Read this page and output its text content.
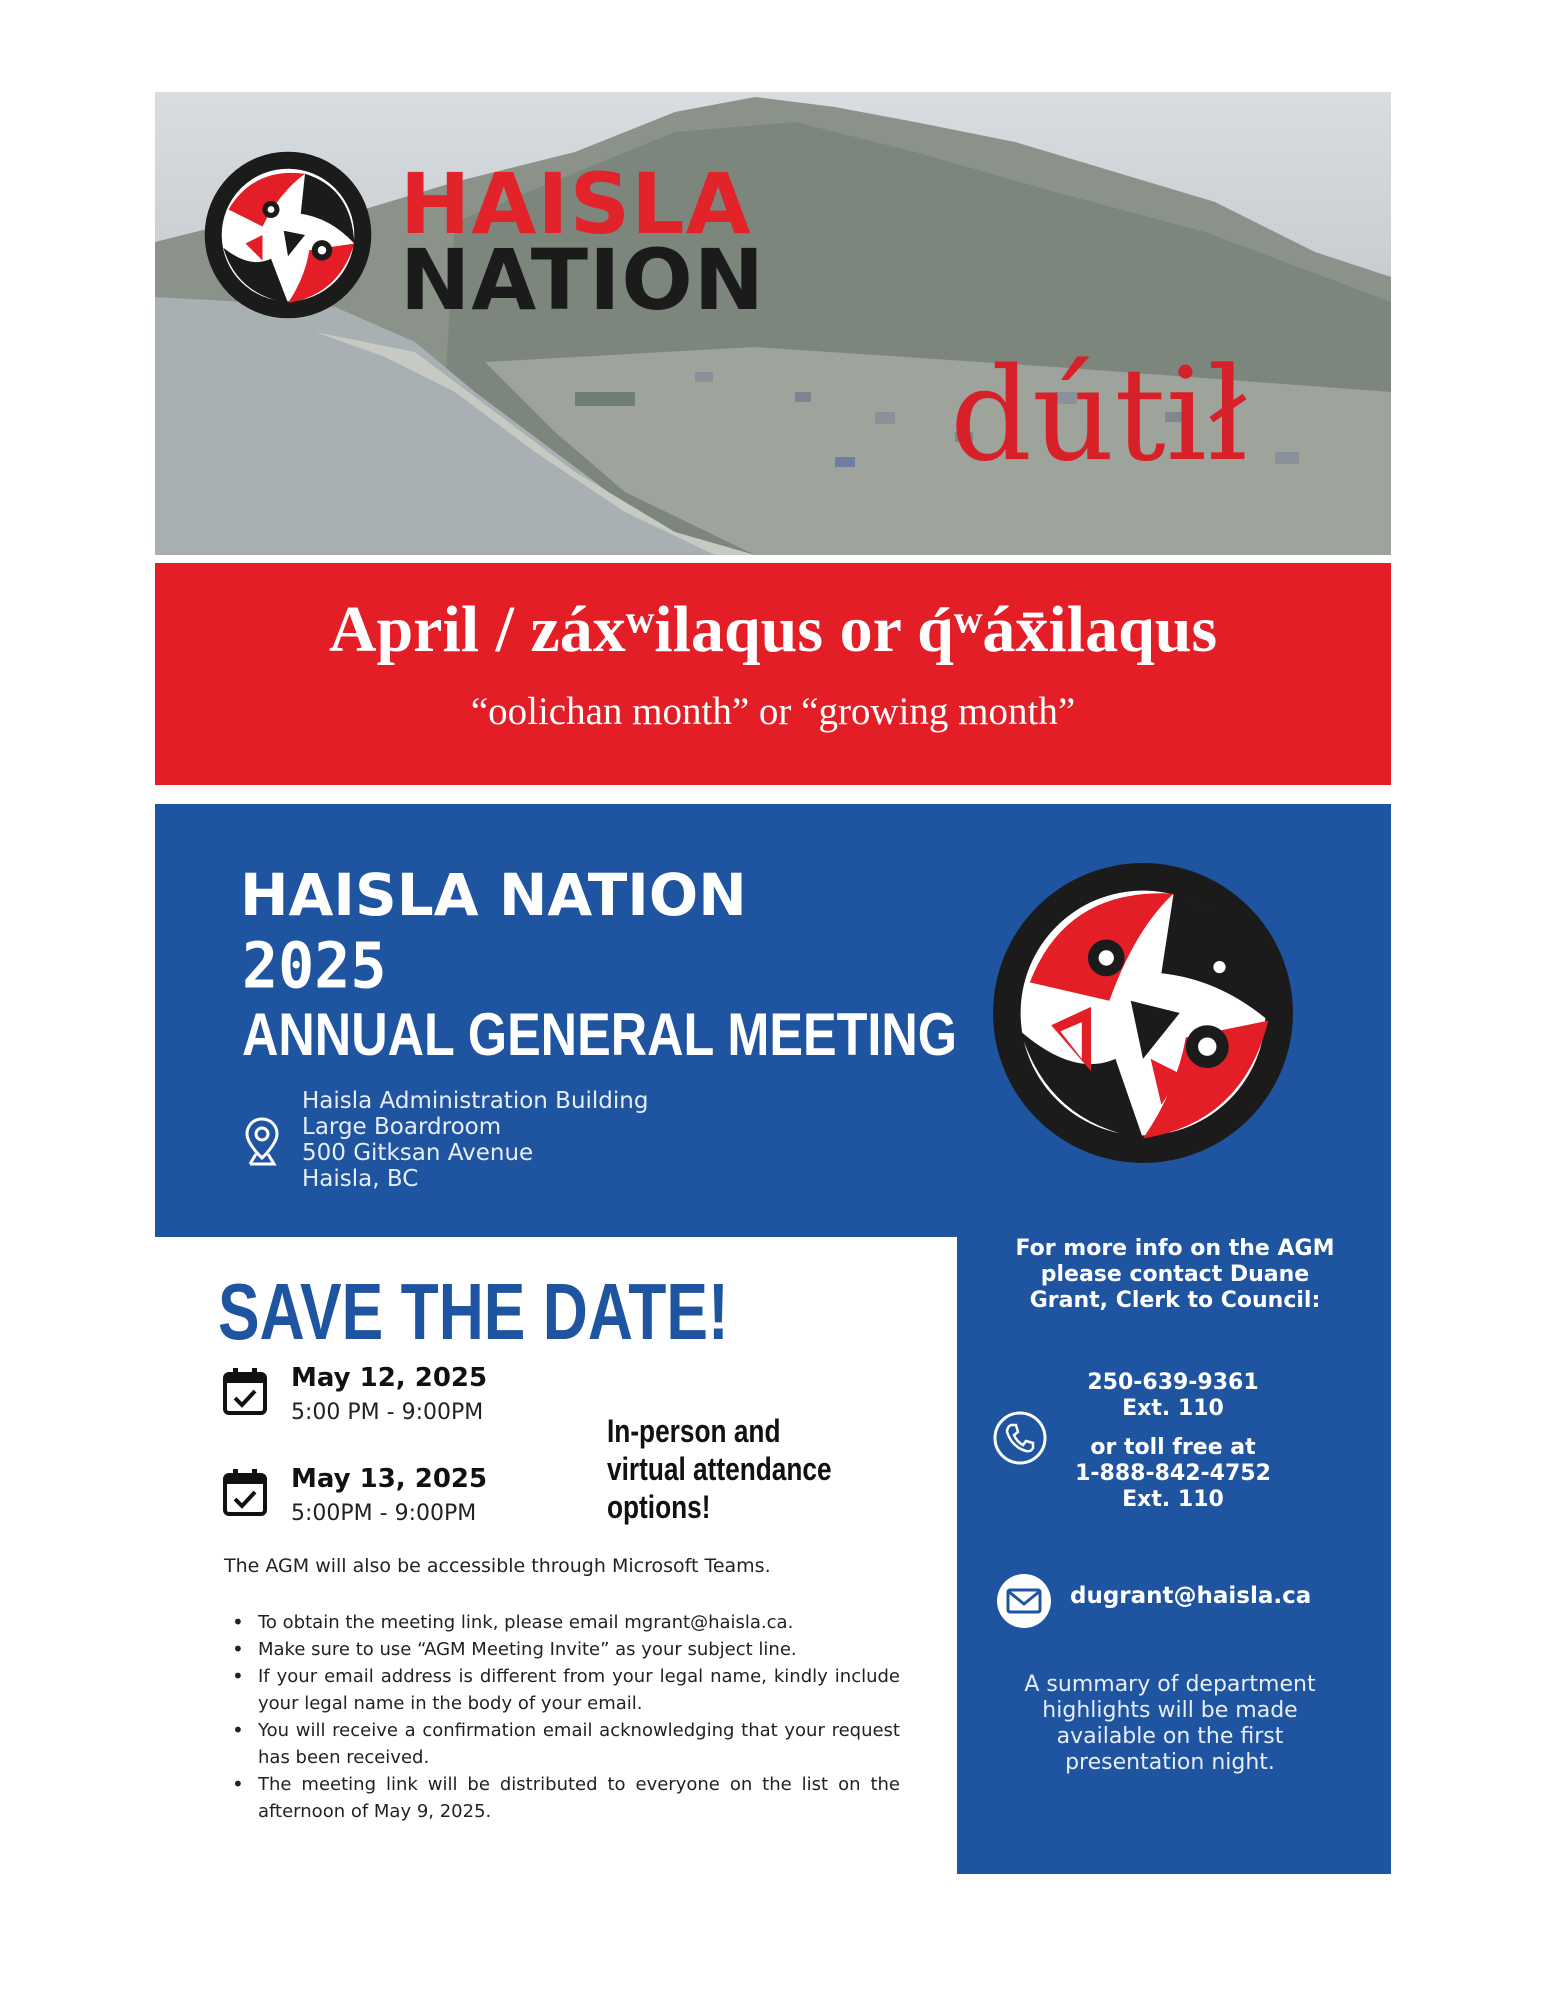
HAISLA
NATION
dútił
April / záxʷilaqus or q́ʷáx̄ilaqus
“oolichan month” or “growing month”
HAISLA NATION
2025
ANNUAL GENERAL MEETING
Haisla Administration Building
Large Boardroom
500 Gitksan Avenue
Haisla, BC
SAVE THE DATE!
May 12, 2025
5:00 PM - 9:00PM
May 13, 2025
5:00PM - 9:00PM
In-person and virtual attendance options!
The AGM will also be accessible through Microsoft Teams.
• To obtain the meeting link, please email mgrant@haisla.ca.
• Make sure to use “AGM Meeting Invite” as your subject line.
• If your email address is different from your legal name, kindly include your legal name in the body of your email.
• You will receive a confirmation email acknowledging that your request has been received.
• The meeting link will be distributed to everyone on the list on the afternoon of May 9, 2025.
For more info on the AGM please contact Duane Grant, Clerk to Council:
250-639-9361
Ext. 110
or toll free at
1-888-842-4752
Ext. 110
dugrant@haisla.ca
A summary of department highlights will be made available on the first presentation night.
